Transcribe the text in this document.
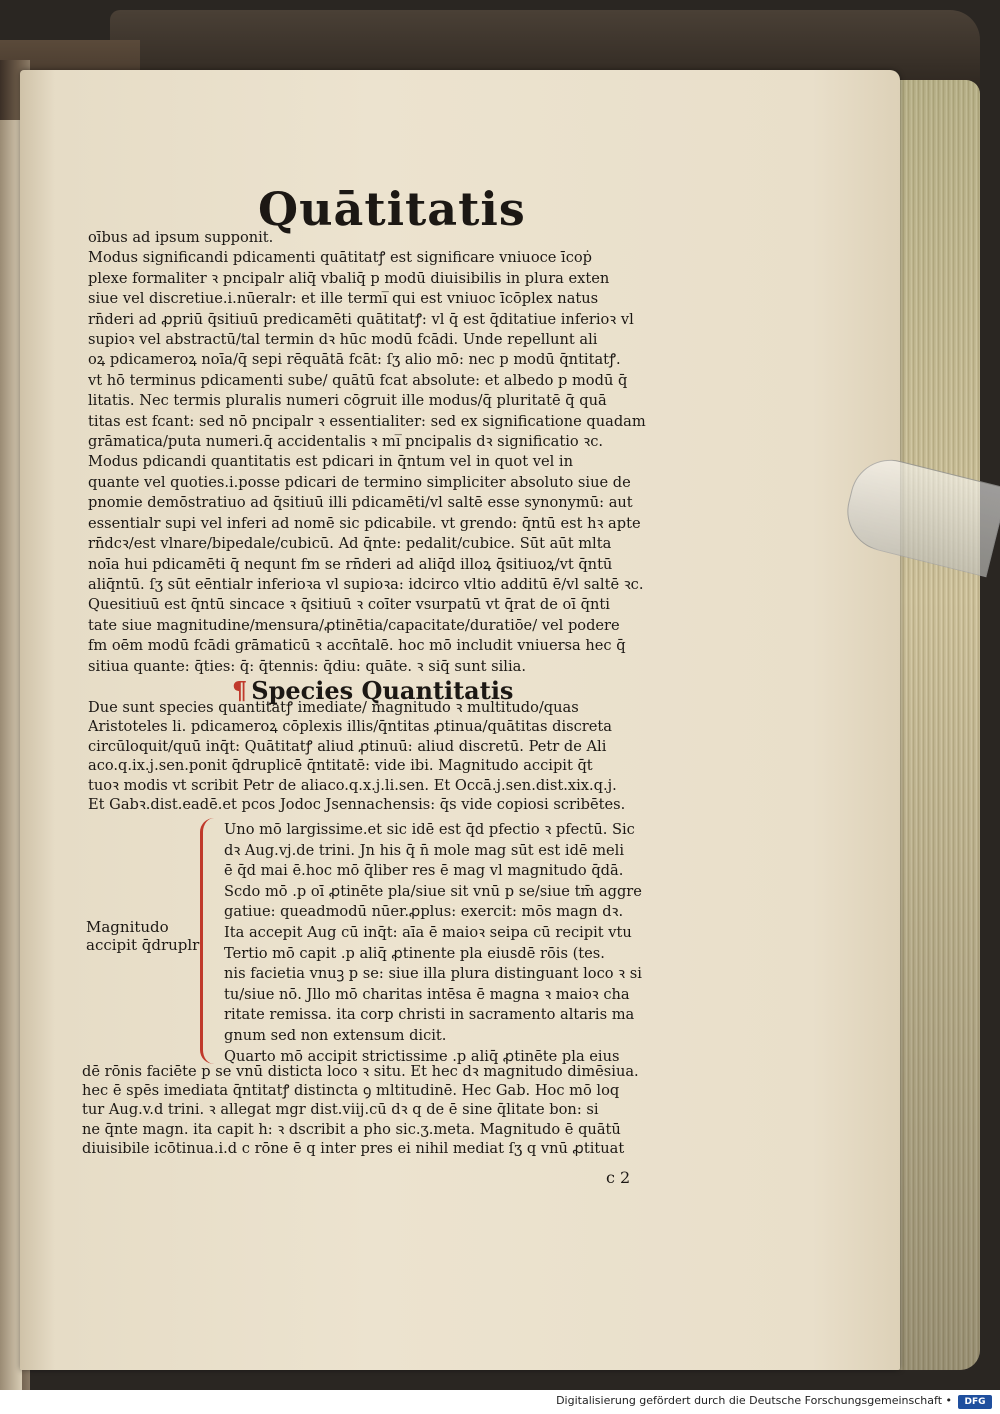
Quātitatis
oībus ad ipsum supponit.
Modus significandi pdicamenti quātitatꝭ est significare vniuoce īcoṗ
plexe formaliter ꝛ pncipalr aliq̄ vbaliq̄ p modū diuisibilis in plura exten
siue vel discretiue.i.nūeralr: et ille termi̅ qui est vniuoc īcōplex natus
rn̄deri ad ꝓpriū q̄sitiuū predicamēti quātitatꝭ: vl q̄ est q̄ditatiue inferioꝛ vl
supioꝛ vel abstractū/tal termin dꝛ hūc modū fcādi. Unde repellunt ali
oꝝ pdicameroꝝ noīa/q̄ sepi rēquātā fcāt: ſʒ alio mō: nec p modū q̄ntitatꝭ.
vt hō terminus pdicamenti sube/ quātū fcat absolute: et albedo p modū q̄
litatis. Nec termis pluralis numeri cōgruit ille modus/q̄ pluritatē q̄ quā
titas est fcant: sed nō pncipalr ꝛ essentialiter: sed ex significatione quadam
grāmatica/puta numeri.q̄ accidentalis ꝛ mi̅ pncipalis dꝛ significatio ꝛc.
Modus pdicandi quantitatis est pdicari in q̄ntum vel in quot vel in
quante vel quoties.i.posse pdicari de termino simpliciter absoluto siue de
pnomie demōstratiuo ad q̄sitiuū illi pdicamēti/vl saltē esse synonymū: aut
essentialr supi vel inferi ad nomē sic pdicabile. vt grendo: q̄ntū est hꝛ apte
rn̄dcꝛ/est vlnare/bipedale/cubicū. Ad q̄nte: pedalit/cubice. Sūt aūt mlta
noīa hui pdicamēti q̄ nequnt fm se rn̄deri ad aliq̄d illoꝝ q̄sitiuoꝝ/vt q̄ntū
aliq̄ntū. ſʒ sūt eēntialr inferioꝛa vl supioꝛa: idcirco vltio additū ē/vl saltē ꝛc.
Quesitiuū est q̄ntū sincace ꝛ q̄sitiuū ꝛ coīter vsurpatū vt q̄rat de oī q̄nti
tate siue magnitudine/mensura/ꝓtinētia/capacitate/duratiōe/ vel podere
fm oēm modū fcādi grāmaticū ꝛ accn̄talē. hoc mō includit vniuersa hec q̄
sitiua quante: q̄ties: q̄: q̄tennis: q̄diu: quāte. ꝛ siq̄ sunt silia.
¶ Species Quantitatis
Due sunt species quantitatꝭ imediate/ magnitudo ꝛ multitudo/quas
Aristoteles li. pdicameroꝝ cōplexis illis/q̄ntitas ꝓtinua/quātitas discreta
circūloquit/quū inq̄t: Quātitatꝭ aliud ꝓtinuū: aliud discretū. Petr de Ali
aco.q.ix.j.sen.ponit q̄druplicē q̄ntitatē: vide ibi. Magnitudo accipit q̄t
tuoꝛ modis vt scribit Petr de aliaco.q.x.j.li.sen. Et Occā.j.sen.dist.xix.q.j.
Et Gabꝛ.dist.eadē.et pcos Jodoc Jsennachensis: q̄s vide copiosi scribētes.
Magnitudo
accipit q̄druplr
Uno mō largissime.et sic idē est q̄d pfectio ꝛ pfectū. Sic
dꝛ Aug.vj.de trini. Jn his q̄ n̄ mole mag sūt est idē meli
ē q̄d mai ē.hoc mō q̄liber res ē mag vl magnitudo q̄dā.
Scdo mō .p oī ꝓtinēte pla/siue sit vnū p se/siue tm̄ aggre
gatiue: queadmodū nūer.ꝓplus: exercit: mōs magn dꝛ.
Ita accepit Aug cū inq̄t: aīa ē maioꝛ seipa cū recipit vtu
Tertio mō capit .p aliq̄ ꝓtinente pla eiusdē rōis (tes.
nis facietia vnuꝫ p se: siue illa plura distinguant loco ꝛ si
tu/siue nō. Jllo mō charitas intēsa ē magna ꝛ maioꝛ cha
ritate remissa. ita corp christi in sacramento altaris ma
gnum sed non extensum dicit.
Quarto mō accipit strictissime .p aliq̄ ꝓtinēte pla eius
dē rōnis faciēte p se vnū disticta loco ꝛ situ. Et hec dꝛ magnitudo dimēsiua.
hec ē spēs imediata q̄ntitatꝭ distincta ꝯ mltitudinē. Hec Gab. Hoc mō loq
tur Aug.v.d trini. ꝛ allegat mgr dist.viij.cū dꝛ q de ē sine q̄litate bon: si
ne q̄nte magn. ita capit h: ꝛ dscribit a pho sic.ʒ.meta. Magnitudo ē quātū
diuisibile icōtinua.i.d c rōne ē q inter pres ei nihil mediat ſʒ q vnū ꝓtituat
c 2
Digitalisierung gefördert durch die Deutsche Forschungsgemeinschaft •	DFG
